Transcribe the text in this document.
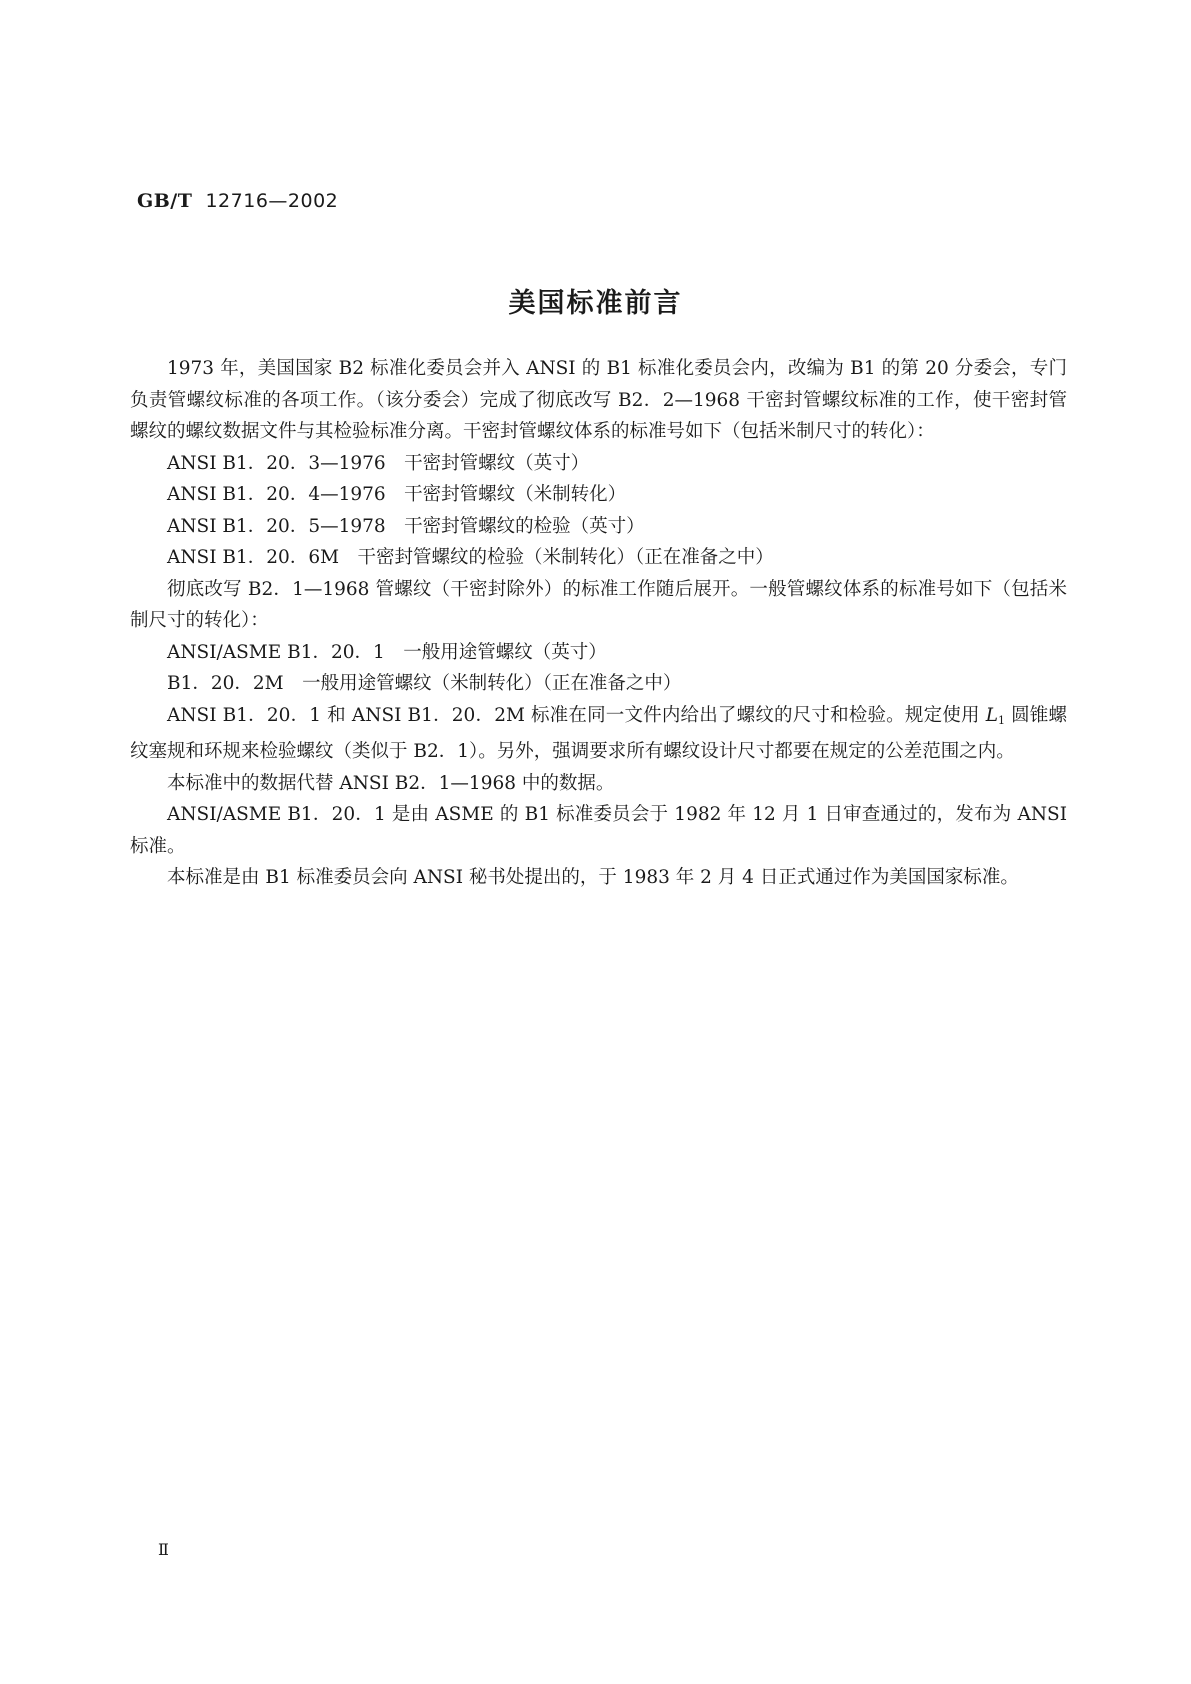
GB/T 12716—2002
美国标准前言

1973 年，美国国家 B2 标准化委员会并入 ANSI 的 B1 标准化委员会内，改编为 B1 的第 20 分委会，专门负责管螺纹标准的各项工作。（该分委会）完成了彻底改写 B2．2—1968 干密封管螺纹标准的工作，使干密封管螺纹的螺纹数据文件与其检验标准分离。干密封管螺纹体系的标准号如下（包括米制尺寸的转化）：

ANSI B1．20．3—1976　干密封管螺纹（英寸）

ANSI B1．20．4—1976　干密封管螺纹（米制转化）

ANSI B1．20．5—1978　干密封管螺纹的检验（英寸）

ANSI B1．20．6M　干密封管螺纹的检验（米制转化）（正在准备之中）

彻底改写 B2．1—1968 管螺纹（干密封除外）的标准工作随后展开。一般管螺纹体系的标准号如下（包括米制尺寸的转化）：

ANSI/ASME B1．20．1　一般用途管螺纹（英寸）

B1．20．2M　一般用途管螺纹（米制转化）（正在准备之中）

ANSI B1．20．1 和 ANSI B1．20．2M 标准在同一文件内给出了螺纹的尺寸和检验。规定使用 $L_1$ 圆锥螺纹塞规和环规来检验螺纹（类似于 B2．1）。另外，强调要求所有螺纹设计尺寸都要在规定的公差范围之内。

本标准中的数据代替 ANSI B2．1—1968 中的数据。

ANSI/ASME B1．20．1 是由 ASME 的 B1 标准委员会于 1982 年 12 月 1 日审查通过的，发布为 ANSI 标准。

本标准是由 B1 标准委员会向 ANSI 秘书处提出的，于 1983 年 2 月 4 日正式通过作为美国国家标准。

Ⅱ
